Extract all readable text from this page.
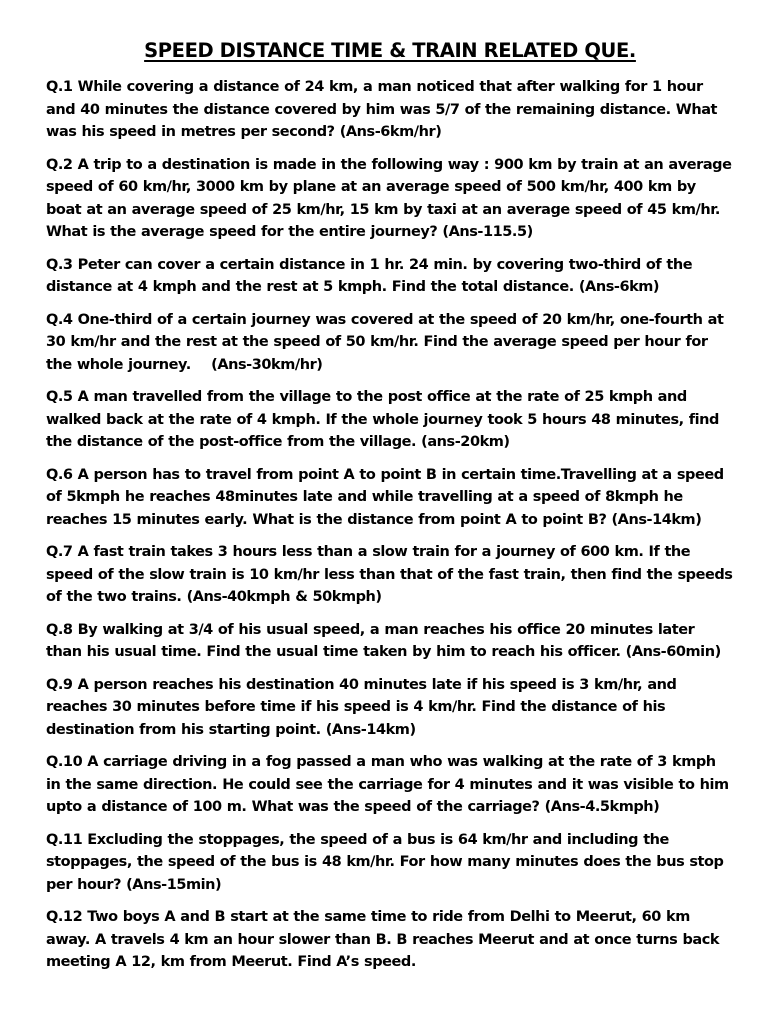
SPEED DISTANCE TIME & TRAIN RELATED QUE.

Q.1 While covering a distance of 24 km, a man noticed that after walking for 1 hour and 40 minutes the distance covered by him was 5/7 of the remaining distance. What was his speed in metres per second? (Ans-6km/hr)

Q.2 A trip to a destination is made in the following way : 900 km by train at an average speed of 60 km/hr, 3000 km by plane at an average speed of 500 km/hr, 400 km by boat at an average speed of 25 km/hr, 15 km by taxi at an average speed of 45 km/hr. What is the average speed for the entire journey? (Ans-115.5)

Q.3 Peter can cover a certain distance in 1 hr. 24 min. by covering two-third of the distance at 4 kmph and the rest at 5 kmph. Find the total distance. (Ans-6km)

Q.4 One-third of a certain journey was covered at the speed of 20 km/hr, one-fourth at 30 km/hr and the rest at the speed of 50 km/hr. Find the average speed per hour for the whole journey.    (Ans-30km/hr)

Q.5 A man travelled from the village to the post office at the rate of 25 kmph and walked back at the rate of 4 kmph. If the whole journey took 5 hours 48 minutes, find the distance of the post-office from the village. (ans-20km)

Q.6 A person has to travel from point A to point B in certain time.Travelling at a speed of 5kmph he reaches 48minutes late and while travelling at a speed of 8kmph he reaches 15 minutes early. What is the distance from point A to point B? (Ans-14km)

Q.7 A fast train takes 3 hours less than a slow train for a journey of 600 km. If the speed of the slow train is 10 km/hr less than that of the fast train, then find the speeds of the two trains. (Ans-40kmph & 50kmph)

Q.8 By walking at 3/4 of his usual speed, a man reaches his office 20 minutes later than his usual time. Find the usual time taken by him to reach his officer. (Ans-60min)

Q.9 A person reaches his destination 40 minutes late if his speed is 3 km/hr, and reaches 30 minutes before time if his speed is 4 km/hr. Find the distance of his destination from his starting point. (Ans-14km)

Q.10 A carriage driving in a fog passed a man who was walking at the rate of 3 kmph in the same direction. He could see the carriage for 4 minutes and it was visible to him upto a distance of 100 m. What was the speed of the carriage? (Ans-4.5kmph)

Q.11 Excluding the stoppages, the speed of a bus is 64 km/hr and including the stoppages, the speed of the bus is 48 km/hr. For how many minutes does the bus stop per hour? (Ans-15min)

Q.12 Two boys A and B start at the same time to ride from Delhi to Meerut, 60 km away. A travels 4 km an hour slower than B. B reaches Meerut and at once turns back meeting A 12, km from Meerut. Find A’s speed.
